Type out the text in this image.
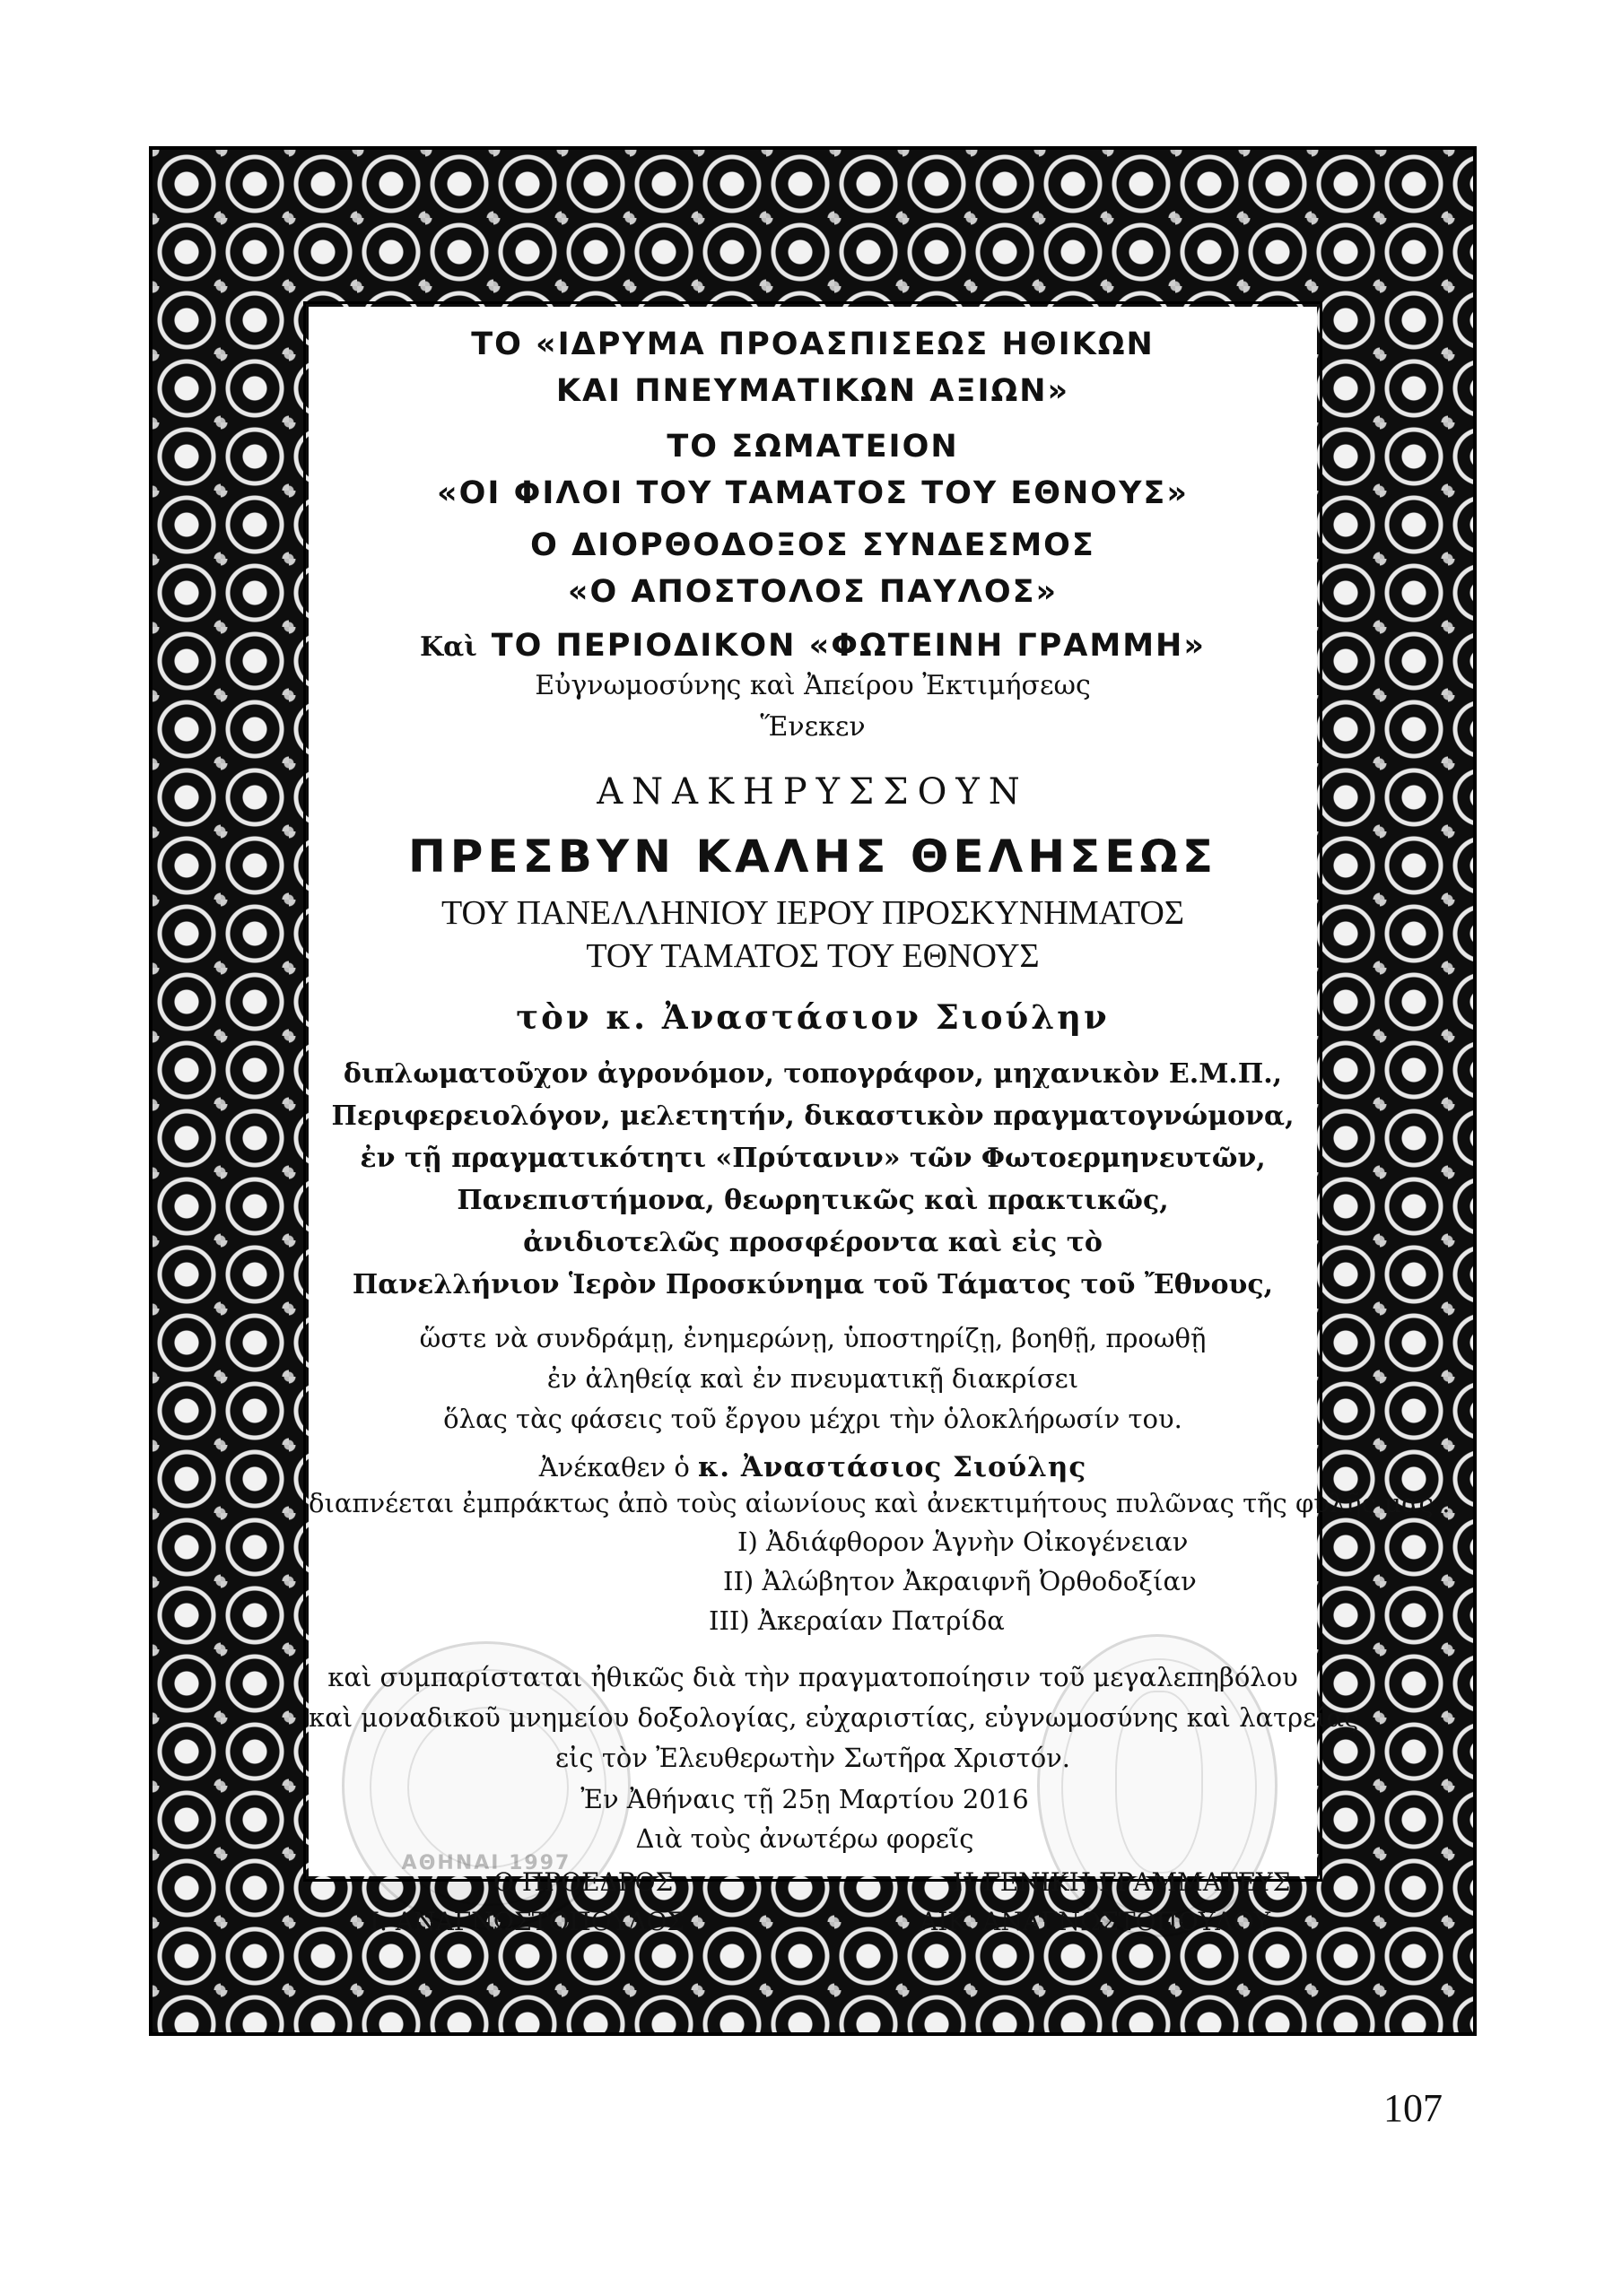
ΤΟ «ΙΔΡΥΜΑ ΠΡΟΑΣΠΙΣΕΩΣ ΗΘΙΚΩΝ
ΚΑΙ ΠΝΕΥΜΑΤΙΚΩΝ ΑΞΙΩΝ»
ΤΟ ΣΩΜΑΤΕΙΟΝ
«ΟΙ ΦΙΛΟΙ ΤΟΥ ΤΑΜΑΤΟΣ ΤΟΥ ΕΘΝΟΥΣ»
Ο ΔΙΟΡΘΟΔΟΞΟΣ ΣΥΝΔΕΣΜΟΣ
«Ο ΑΠΟΣΤΟΛΟΣ ΠΑΥΛΟΣ»
Καὶ ΤΟ ΠΕΡΙΟΔΙΚΟΝ «ΦΩΤΕΙΝΗ ΓΡΑΜΜΗ»
Εὐγνωμοσύνης καὶ Ἀπείρου Ἐκτιμήσεως
Ἕνεκεν
ΑΝΑΚΗΡΥΣΣΟΥΝ
ΠΡΕΣΒΥΝ ΚΑΛΗΣ ΘΕΛΗΣΕΩΣ
ΤΟΥ ΠΑΝΕΛΛΗΝΙΟΥ ΙΕΡΟΥ ΠΡΟΣΚΥΝΗΜΑΤΟΣ
ΤΟΥ ΤΑΜΑΤΟΣ ΤΟΥ ΕΘΝΟΥΣ
τὸν κ. Ἀναστάσιον Σιούλην
διπλωματοῦχον ἀγρονόμον, τοπογράφον, μηχανικὸν Ε.Μ.Π.,
Περιφερειολόγον, μελετητήν, δικαστικὸν πραγματογνώμονα,
ἐν τῇ πραγματικότητι «Πρύτανιν» τῶν Φωτοερμηνευτῶν,
Πανεπιστήμονα, θεωρητικῶς καὶ πρακτικῶς,
ἀνιδιοτελῶς προσφέροντα καὶ εἰς τὸ
Πανελλήνιον Ἱερὸν Προσκύνημα τοῦ Τάματος τοῦ Ἔθνους,
ὥστε νὰ συνδράμῃ, ἐνημερώνῃ, ὑποστηρίζῃ, βοηθῇ, προωθῇ
ἐν ἀληθείᾳ καὶ ἐν πνευματικῇ διακρίσει
ὅλας τὰς φάσεις τοῦ ἔργου μέχρι τὴν ὁλοκλήρωσίν του.
Ἀνέκαθεν ὁ κ. Ἀναστάσιος Σιούλης
διαπνέεται ἐμπράκτως ἀπὸ τοὺς αἰωνίους καὶ ἀνεκτιμήτους πυλῶνας τῆς φυλῆς μας :
Ι) Ἀδιάφθορον Ἁγνὴν Οἰκογένειαν
ΙΙ) Ἀλώβητον Ἀκραιφνῆ Ὀρθοδοξίαν
ΙΙΙ) Ἀκεραίαν Πατρίδα
ΑΘΗΝΑΙ 1997
καὶ συμπαρίσταται ἠθικῶς διὰ τὴν πραγματοποίησιν τοῦ μεγαλεπηβόλου
καὶ μοναδικοῦ μνημείου δοξολογίας, εὐχαριστίας, εὐγνωμοσύνης καὶ λατρείας
εἰς τὸν Ἐλευθερωτὴν Σωτῆρα Χριστόν.
Ἐν Ἀθήναις τῇ 25ῃ Μαρτίου 2016
Διὰ τοὺς ἀνωτέρω φορεῖς
Ο ΠΡΟΕΔΡΟΣ	Η ΓΕΝΙΚΗ ΓΡΑΜΜΑΤΕΥΣ
Ι. ΑΝΑΓΝΩΣΤΟΠΟΥΛΟΣ	ΑΙΚ. ΑΝΑΓΝΩΣΤΟΠΟΥΛΟΥ
107
